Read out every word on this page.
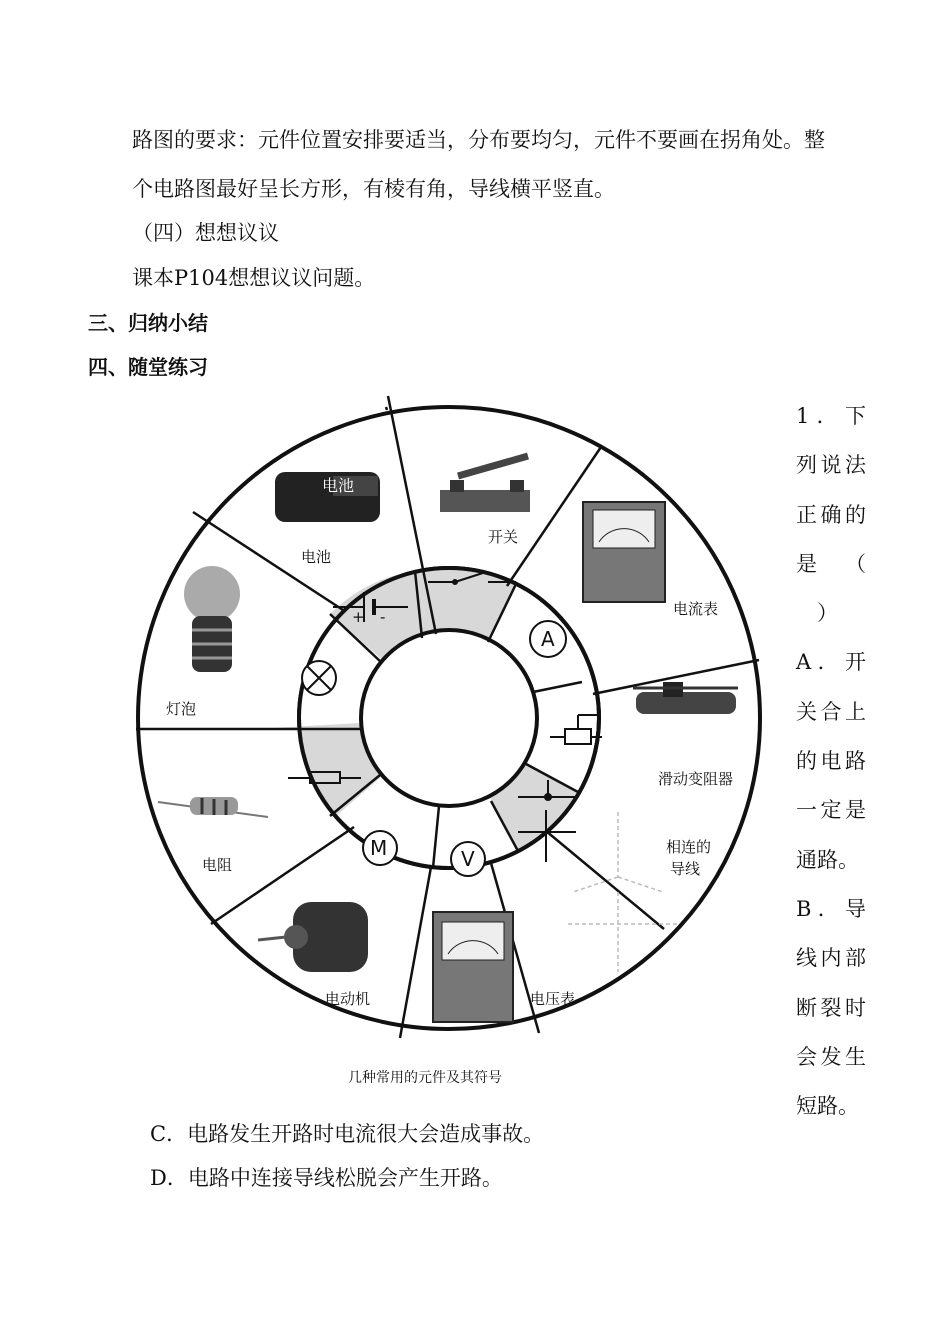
路图的要求：元件位置安排要适当，分布要均匀，元件不要画在拐角处。整
个电路图最好呈长方形，有棱有角，导线横平竖直。
（四）想想议议
课本P104想想议议问题。
三、归纳小结
四、随堂练习
1．下
列说法
正确的
是　（
　）
A．开
关合上
的电路
一定是
通路。
B．导
线内部
断裂时
会发生
短路。
+ -
A
V
M
电池
电池
开关
电流表
滑动变阻器
相连的
导线
电压表
电动机
电阻
灯泡
几种常用的元件及其符号
C．电路发生开路时电流很大会造成事故。
D．电路中连接导线松脱会产生开路。
